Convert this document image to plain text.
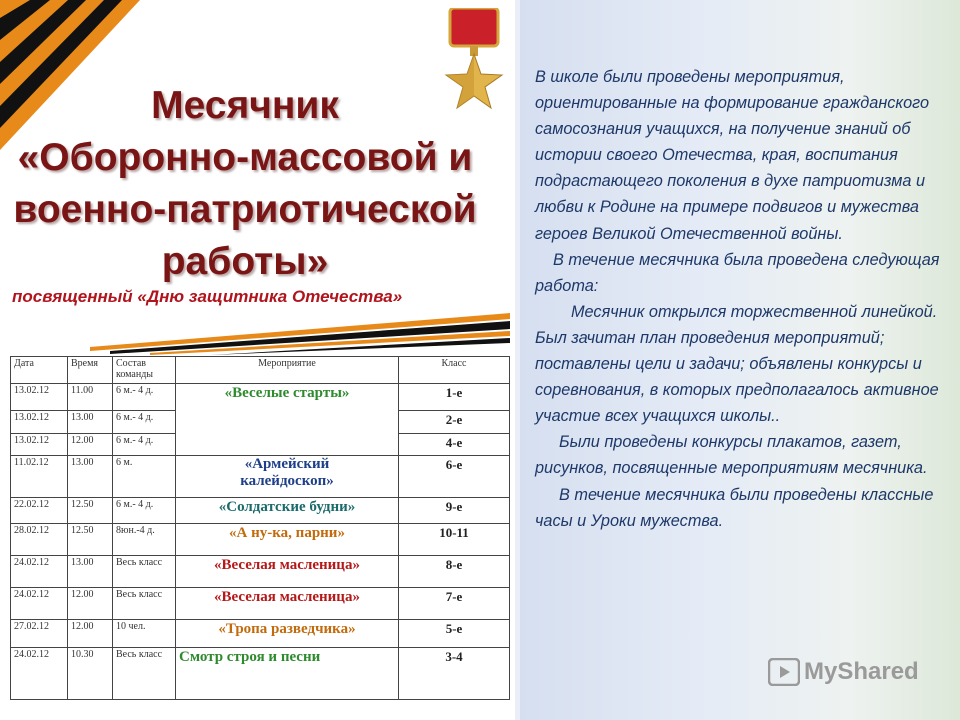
Месячник
«Оборонно-массовой и
военно-патриотической
работы»
посвященный «Дню защитника Отечества»
Дата	Время	Состав команды	Мероприятие	Класс
13.02.12	11.00	6 м.- 4 д.	«Веселые старты»	1-е
13.02.12	13.00	6 м.- 4 д.		2-е
13.02.12	12.00	6 м.- 4 д.		4-е
11.02.12	13.00	6 м.	«Армейский калейдоскоп»	6-е
22.02.12	12.50	6 м.- 4 д.	«Солдатские будни»	9-е
28.02.12	12.50	8юн.-4 д.	«А ну-ка, парни»	10-11
24.02.12	13.00	Весь класс	«Веселая масленица»	8-е
24.02.12	12.00	Весь класс	«Веселая масленица»	7-е
27.02.12	12.00	10 чел.	«Тропа разведчика»	5-е
24.02.12	10.30	Весь класс	Смотр строя и песни	3-4

В школе были проведены мероприятия, ориентированные на формирование гражданского самосознания учащихся, на получение знаний об истории своего Отечества, края, воспитания подрастающего поколения в духе патриотизма и любви к Родине на примере подвигов и мужества героев Великой Отечественной войны.

В течение месячника была проведена следующая работа:

Месячник открылся торжественной линейкой. Был зачитан план проведения мероприятий; поставлены цели и задачи; объявлены конкурсы и соревнования, в которых предполагалось активное участие всех учащихся школы..

Были проведены конкурсы плакатов, газет, рисунков, посвященные мероприятиям месячника.

В течение месячника были проведены классные часы и Уроки мужества.

MyShared
